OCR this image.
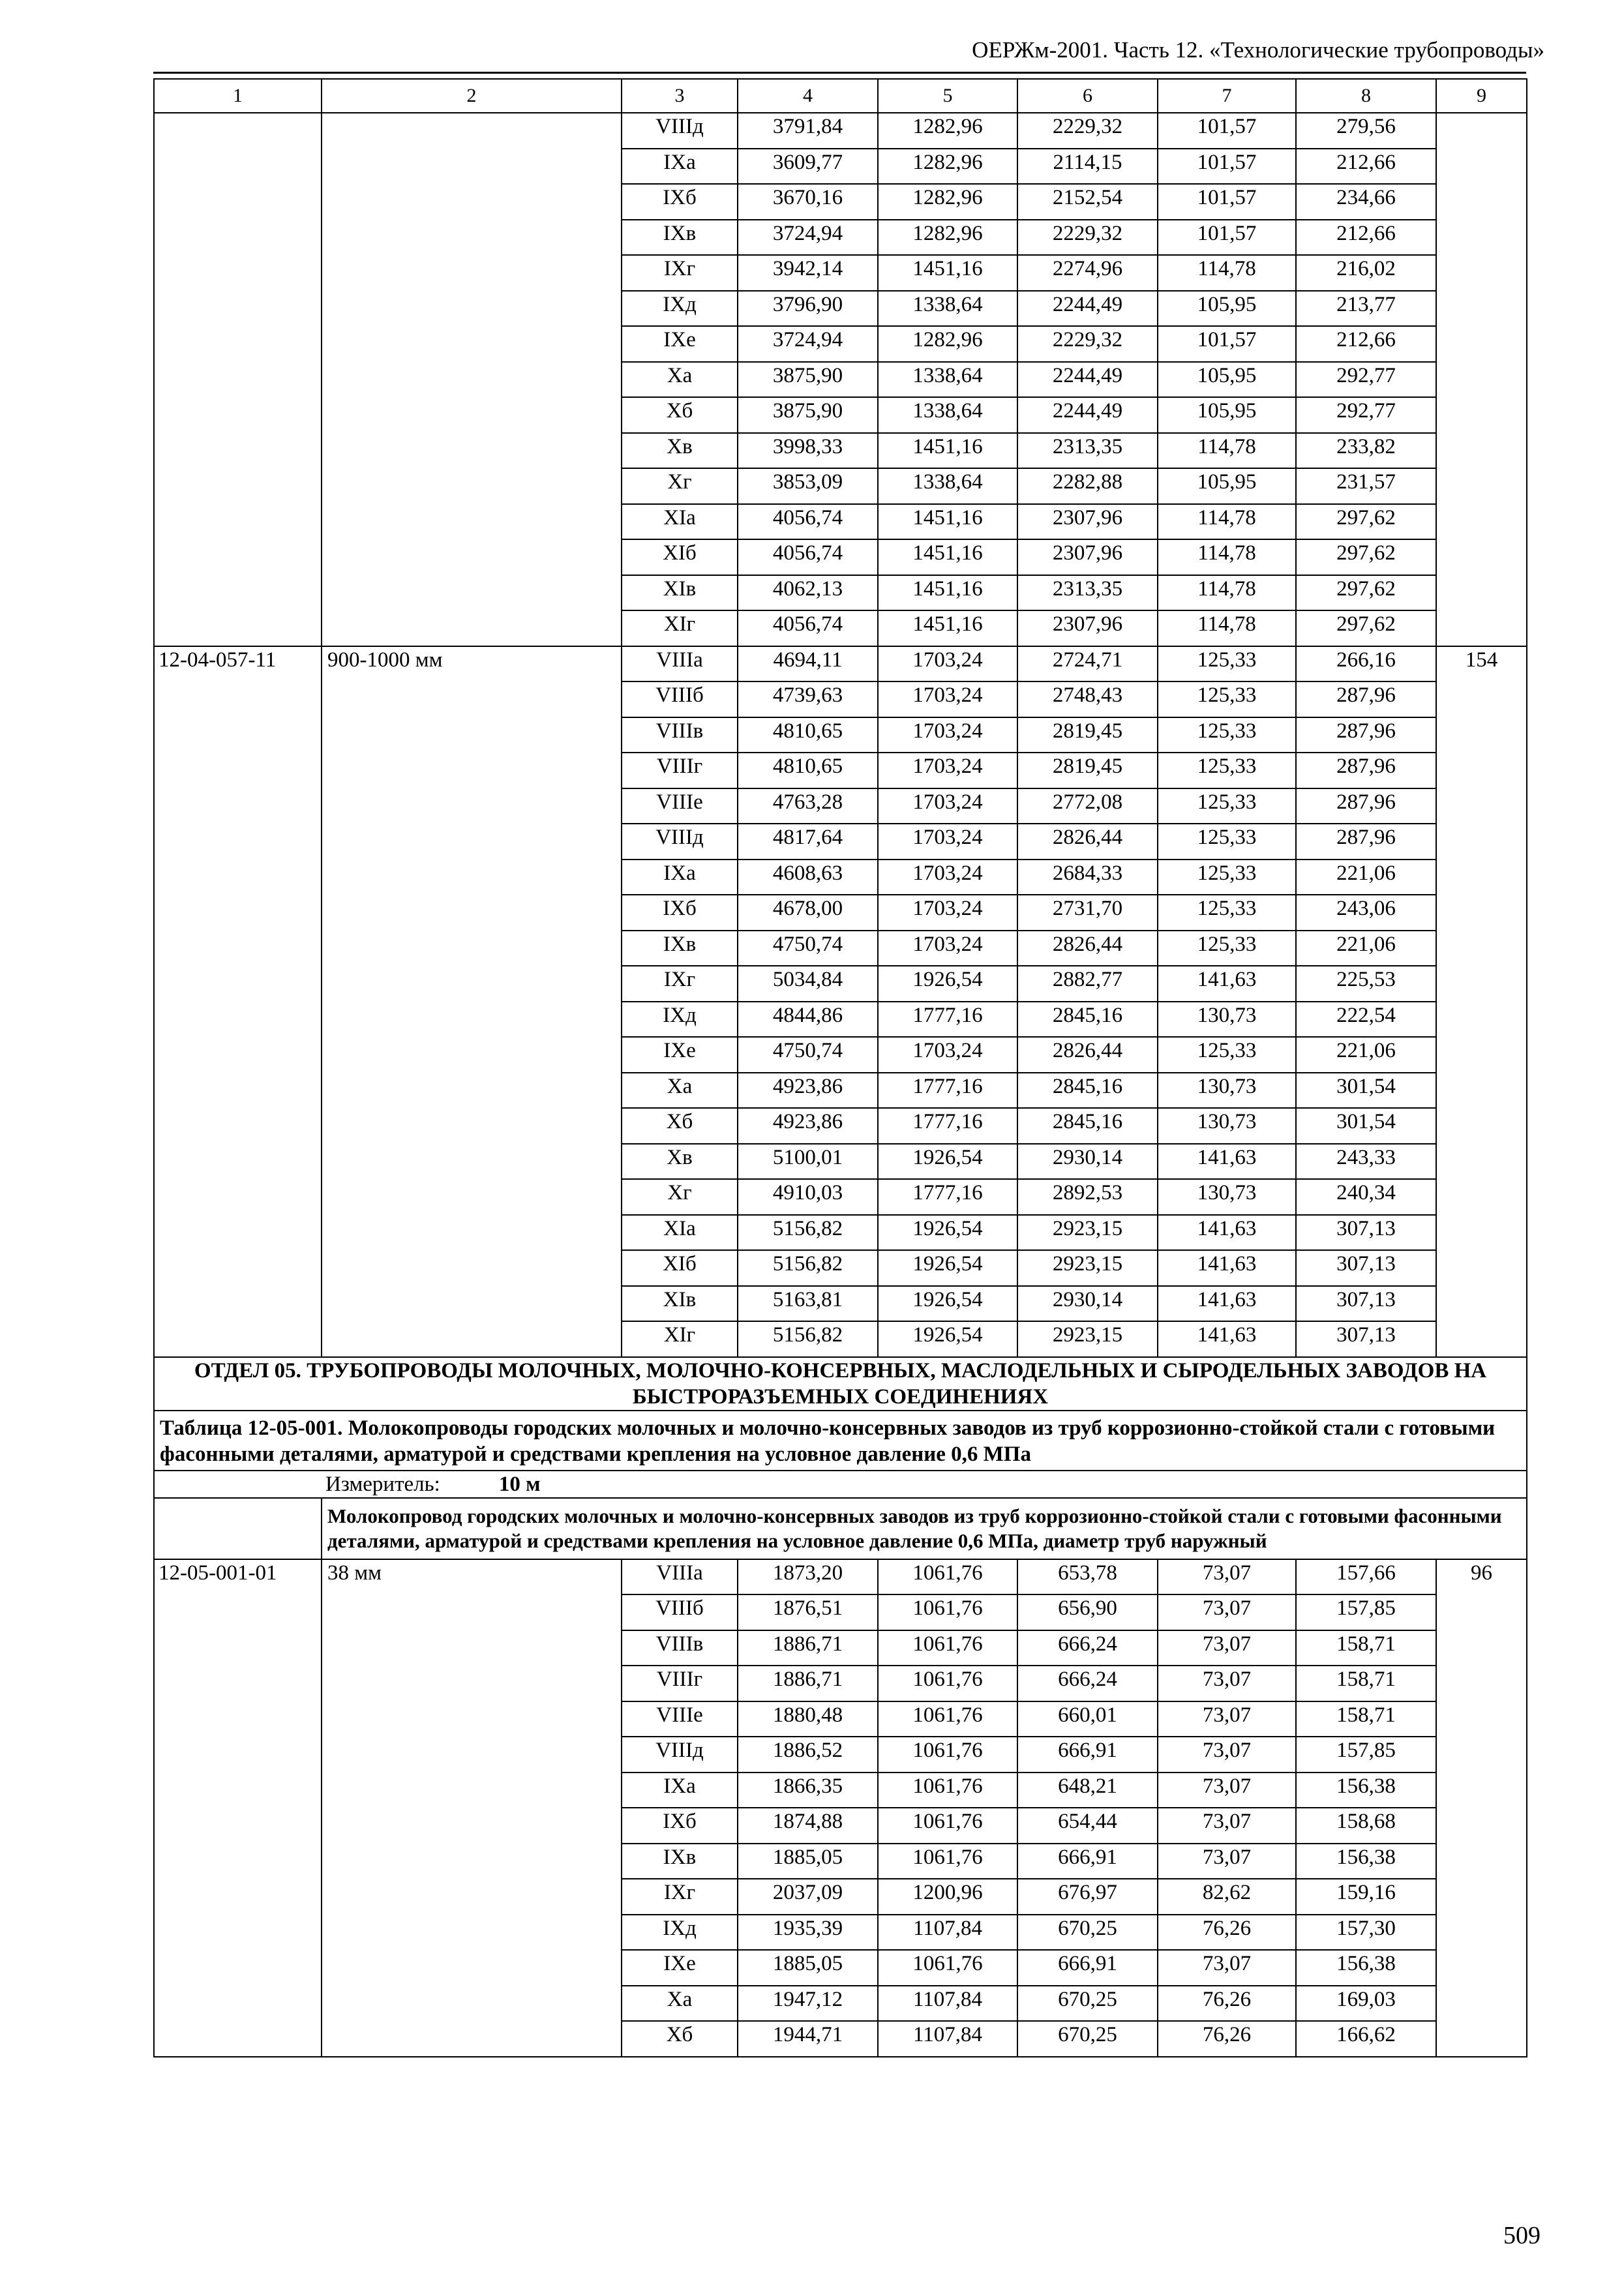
ОЕРЖм-2001. Часть 12. «Технологические трубопроводы»
1	2	3	4	5	6	7	8	9
		VIIIд	3791,84	1282,96	2229,32	101,57	279,56	
		IXа	3609,77	1282,96	2114,15	101,57	212,66	
		IXб	3670,16	1282,96	2152,54	101,57	234,66	
		IXв	3724,94	1282,96	2229,32	101,57	212,66	
		IXг	3942,14	1451,16	2274,96	114,78	216,02	
		IXд	3796,90	1338,64	2244,49	105,95	213,77	
		IXе	3724,94	1282,96	2229,32	101,57	212,66	
		Xа	3875,90	1338,64	2244,49	105,95	292,77	
		Xб	3875,90	1338,64	2244,49	105,95	292,77	
		Xв	3998,33	1451,16	2313,35	114,78	233,82	
		Xг	3853,09	1338,64	2282,88	105,95	231,57	
		XIа	4056,74	1451,16	2307,96	114,78	297,62	
		XIб	4056,74	1451,16	2307,96	114,78	297,62	
		XIв	4062,13	1451,16	2313,35	114,78	297,62	
		XIг	4056,74	1451,16	2307,96	114,78	297,62	
12-04-057-11	900-1000 мм	VIIIа	4694,11	1703,24	2724,71	125,33	266,16	154
		VIIIб	4739,63	1703,24	2748,43	125,33	287,96	
		VIIIв	4810,65	1703,24	2819,45	125,33	287,96	
		VIIIг	4810,65	1703,24	2819,45	125,33	287,96	
		VIIIе	4763,28	1703,24	2772,08	125,33	287,96	
		VIIIд	4817,64	1703,24	2826,44	125,33	287,96	
		IXа	4608,63	1703,24	2684,33	125,33	221,06	
		IXб	4678,00	1703,24	2731,70	125,33	243,06	
		IXв	4750,74	1703,24	2826,44	125,33	221,06	
		IXг	5034,84	1926,54	2882,77	141,63	225,53	
		IXд	4844,86	1777,16	2845,16	130,73	222,54	
		IXе	4750,74	1703,24	2826,44	125,33	221,06	
		Xа	4923,86	1777,16	2845,16	130,73	301,54	
		Xб	4923,86	1777,16	2845,16	130,73	301,54	
		Xв	5100,01	1926,54	2930,14	141,63	243,33	
		Xг	4910,03	1777,16	2892,53	130,73	240,34	
		XIа	5156,82	1926,54	2923,15	141,63	307,13	
		XIб	5156,82	1926,54	2923,15	141,63	307,13	
		XIв	5163,81	1926,54	2930,14	141,63	307,13	
		XIг	5156,82	1926,54	2923,15	141,63	307,13	
ОТДЕЛ 05. ТРУБОПРОВОДЫ МОЛОЧНЫХ, МОЛОЧНО-КОНСЕРВНЫХ, МАСЛОДЕЛЬНЫХ И СЫРОДЕЛЬНЫХ ЗАВОДОВ НА БЫСТРОРАЗЪЕМНЫХ СОЕДИНЕНИЯХ								
Таблица 12-05-001. Молокопроводы городских молочных и молочно-консервных заводов из труб коррозионно-стойкой стали с готовыми фасонными деталями, арматурой и средствами крепления на условное давление 0,6 МПа								
Измеритель: 10 м								
	Молокопровод городских молочных и молочно-консервных заводов из труб коррозионно-стойкой стали с готовыми фасонными деталями, арматурой и средствами крепления на условное давление 0,6 МПа, диаметр труб наружный							
12-05-001-01	38 мм	VIIIа	1873,20	1061,76	653,78	73,07	157,66	96
		VIIIб	1876,51	1061,76	656,90	73,07	157,85	
		VIIIв	1886,71	1061,76	666,24	73,07	158,71	
		VIIIг	1886,71	1061,76	666,24	73,07	158,71	
		VIIIе	1880,48	1061,76	660,01	73,07	158,71	
		VIIIд	1886,52	1061,76	666,91	73,07	157,85	
		IXа	1866,35	1061,76	648,21	73,07	156,38	
		IXб	1874,88	1061,76	654,44	73,07	158,68	
		IXв	1885,05	1061,76	666,91	73,07	156,38	
		IXг	2037,09	1200,96	676,97	82,62	159,16	
		IXд	1935,39	1107,84	670,25	76,26	157,30	
		IXе	1885,05	1061,76	666,91	73,07	156,38	
		Xа	1947,12	1107,84	670,25	76,26	169,03	
		Xб	1944,71	1107,84	670,25	76,26	166,62	
509
